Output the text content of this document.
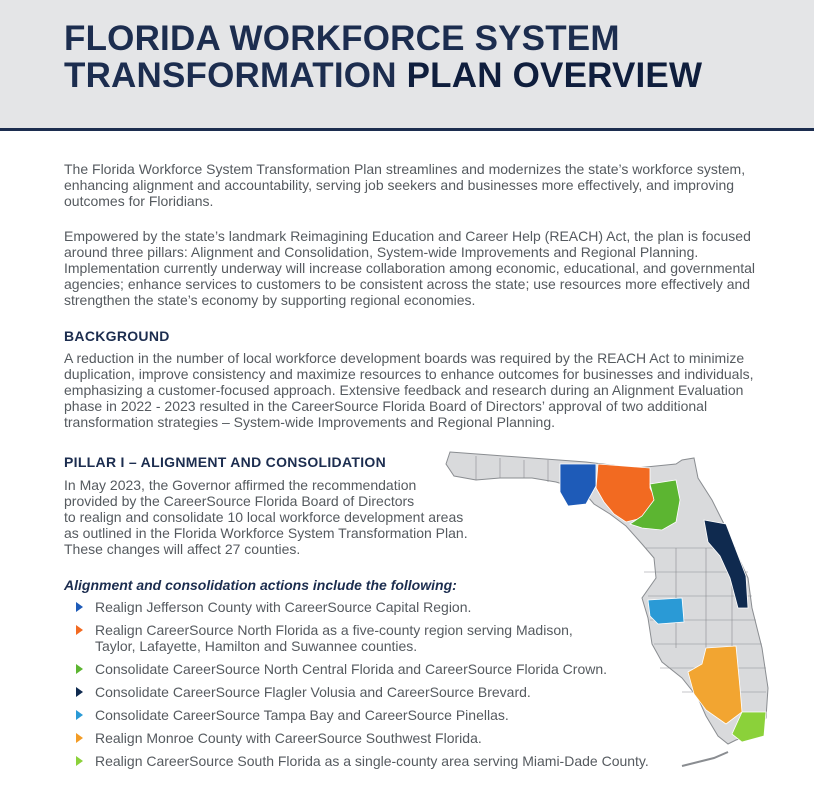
FLORIDA WORKFORCE SYSTEM
TRANSFORMATION PLAN OVERVIEW

The Florida Workforce System Transformation Plan streamlines and modernizes the state’s workforce system,
enhancing alignment and accountability, serving job seekers and businesses more effectively, and improving
outcomes for Floridians.

Empowered by the state’s landmark Reimagining Education and Career Help (REACH) Act, the plan is focused
around three pillars: Alignment and Consolidation, System-wide Improvements and Regional Planning.
Implementation currently underway will increase collaboration among economic, educational, and governmental
agencies; enhance services to customers to be consistent across the state; use resources more effectively and
strengthen the state’s economy by supporting regional economies.

BACKGROUND

A reduction in the number of local workforce development boards was required by the REACH Act to minimize
duplication, improve consistency and maximize resources to enhance outcomes for businesses and individuals,
emphasizing a customer-focused approach. Extensive feedback and research during an Alignment Evaluation
phase in 2022 - 2023 resulted in the CareerSource Florida Board of Directors’ approval of two additional
transformation strategies – System-wide Improvements and Regional Planning.

PILLAR I – ALIGNMENT AND CONSOLIDATION

In May 2023, the Governor affirmed the recommendation
provided by the CareerSource Florida Board of Directors
to realign and consolidate 10 local workforce development areas
as outlined in the Florida Workforce System Transformation Plan.
These changes will affect 27 counties.

Alignment and consolidation actions include the following:
Realign Jefferson County with CareerSource Capital Region.
Realign CareerSource North Florida as a five-county region serving Madison,
Taylor, Lafayette, Hamilton and Suwannee counties.
Consolidate CareerSource North Central Florida and CareerSource Florida Crown.
Consolidate CareerSource Flagler Volusia and CareerSource Brevard.
Consolidate CareerSource Tampa Bay and CareerSource Pinellas.
Realign Monroe County with CareerSource Southwest Florida.
Realign CareerSource South Florida as a single-county area serving Miami-Dade County.
